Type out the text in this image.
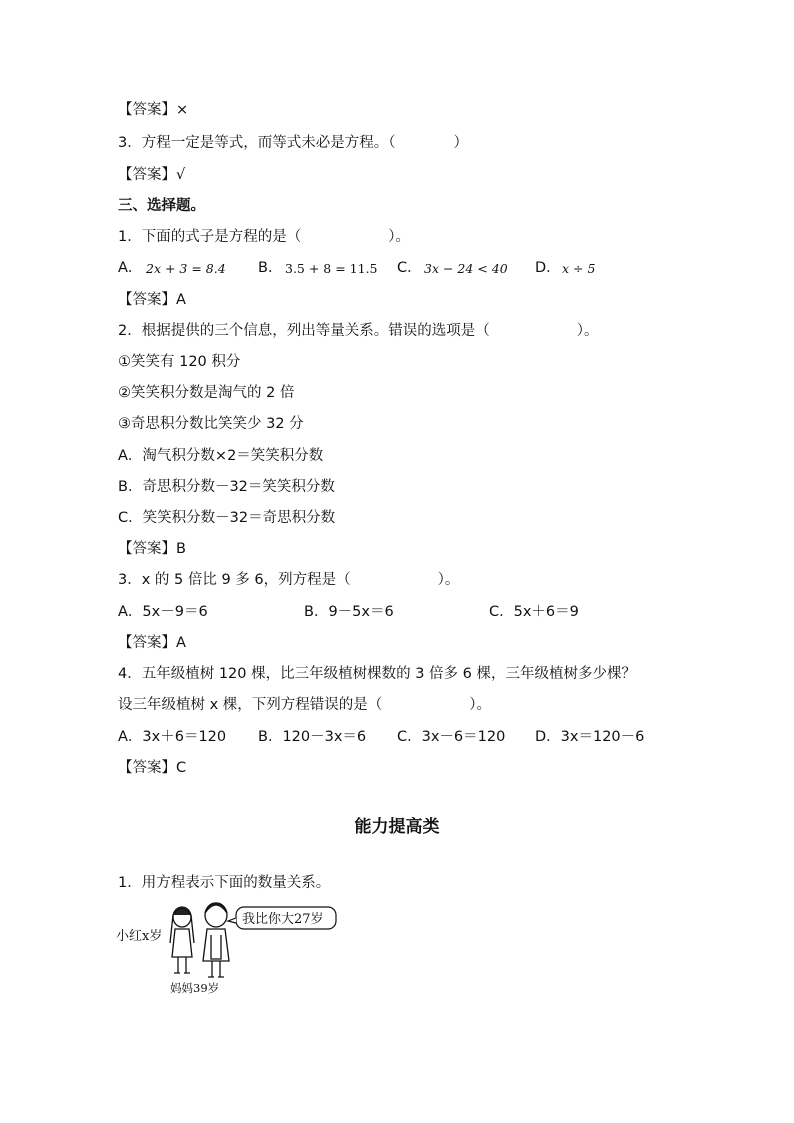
【答案】×
3．方程一定是等式，而等式未必是方程。（　　　　）
【答案】√
三、选择题。
1．下面的式子是方程的是（　　　　　　）。
A． 2x + 3 = 8.4 B． 3.5 + 8 = 11.5 C． 3x − 24 < 40 D． x ÷ 5
【答案】A
2．根据提供的三个信息，列出等量关系。错误的选项是（　　　　　　）。
①笑笑有 120 积分
②笑笑积分数是淘气的 2 倍
③奇思积分数比笑笑少 32 分
A．淘气积分数×2＝笑笑积分数
B．奇思积分数－32＝笑笑积分数
C．笑笑积分数－32＝奇思积分数
【答案】B
3．x 的 5 倍比 9 多 6，列方程是（　　　　　　）。
A．5x－9＝6	B．9－5x＝6	C．5x＋6＝9
【答案】A
4．五年级植树 120 棵，比三年级植树棵数的 3 倍多 6 棵，三年级植树多少棵？
设三年级植树 x 棵，下列方程错误的是（　　　　　　）。
A．3x＋6＝120 B．120－3x＝6 C．3x－6＝120 D．3x＝120－6
【答案】C
能力提高类
1．用方程表示下面的数量关系。
小红x岁
我比你大27岁
妈妈39岁
